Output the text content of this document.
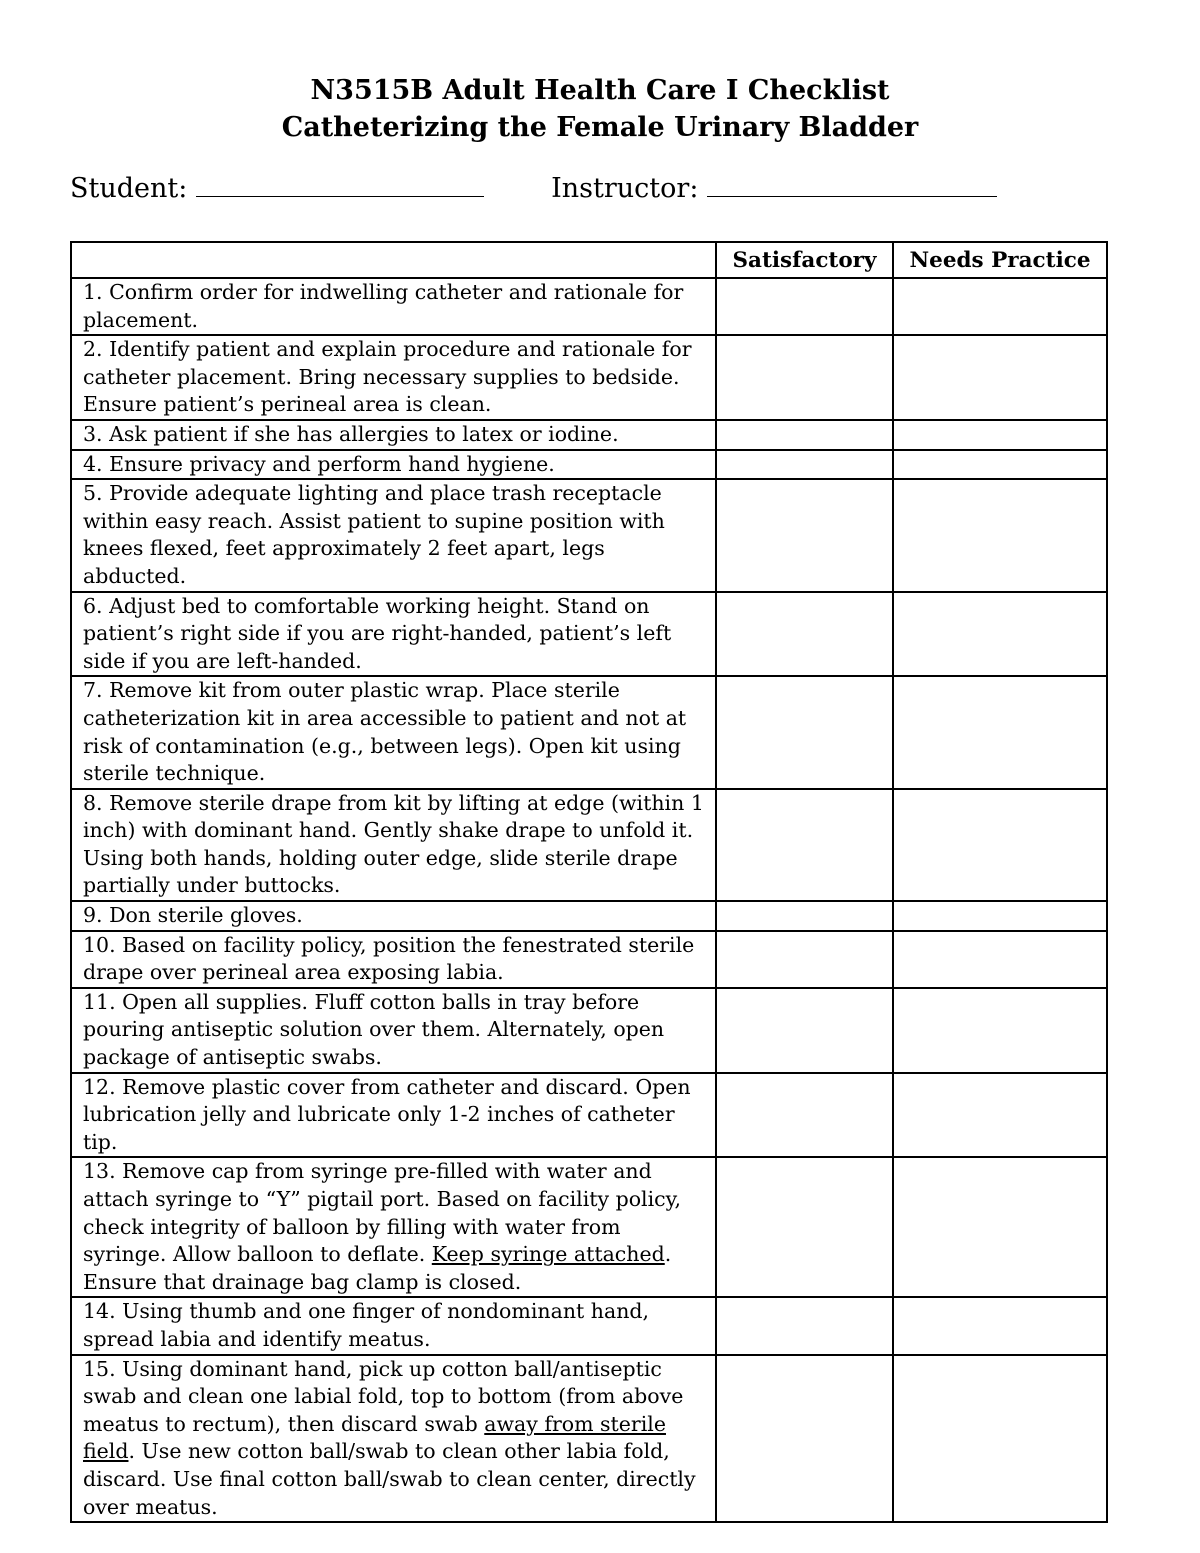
N3515B Adult Health Care I Checklist
Catheterizing the Female Urinary Bladder
Student:	Instructor:
	Satisfactory	Needs Practice
1. Confirm order for indwelling catheter and rationale for placement.		
2. Identify patient and explain procedure and rationale for catheter placement. Bring necessary supplies to bedside. Ensure patient’s perineal area is clean.		
3. Ask patient if she has allergies to latex or iodine.		
4. Ensure privacy and perform hand hygiene.		
5. Provide adequate lighting and place trash receptacle within easy reach. Assist patient to supine position with knees flexed, feet approximately 2 feet apart, legs abducted.		
6. Adjust bed to comfortable working height. Stand on patient’s right side if you are right-handed, patient’s left side if you are left-handed.		
7. Remove kit from outer plastic wrap. Place sterile catheterization kit in area accessible to patient and not at risk of contamination (e.g., between legs). Open kit using sterile technique.		
8. Remove sterile drape from kit by lifting at edge (within 1 inch) with dominant hand. Gently shake drape to unfold it. Using both hands, holding outer edge, slide sterile drape partially under buttocks.		
9. Don sterile gloves.		
10. Based on facility policy, position the fenestrated sterile drape over perineal area exposing labia.		
11. Open all supplies. Fluff cotton balls in tray before pouring antiseptic solution over them. Alternately, open package of antiseptic swabs.		
12. Remove plastic cover from catheter and discard. Open lubrication jelly and lubricate only 1-2 inches of catheter tip.		
13. Remove cap from syringe pre-filled with water and attach syringe to “Y” pigtail port. Based on facility policy, check integrity of balloon by filling with water from syringe. Allow balloon to deflate. Keep syringe attached. Ensure that drainage bag clamp is closed.		
14. Using thumb and one finger of nondominant hand, spread labia and identify meatus.		
15. Using dominant hand, pick up cotton ball/antiseptic swab and clean one labial fold, top to bottom (from above meatus to rectum), then discard swab away from sterile field. Use new cotton ball/swab to clean other labia fold, discard. Use final cotton ball/swab to clean center, directly over meatus.		
